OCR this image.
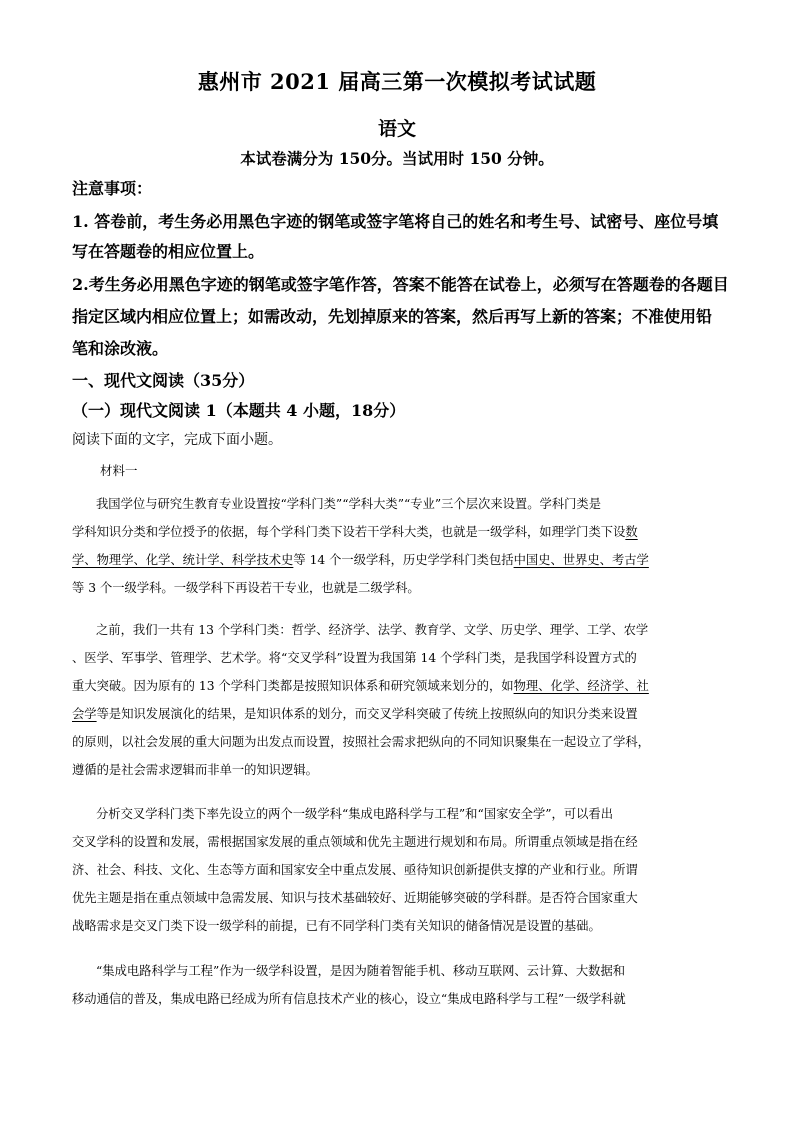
惠州市 2021 届高三第一次模拟考试试题
语文
本试卷满分为 150分。当试用时 150 分钟。
注意事项：
1. 答卷前，考生务必用黑色字迹的钢笔或签字笔将自己的姓名和考生号、试密号、座位号填
写在答题卷的相应位置上。
2.考生务必用黑色字迹的钢笔或签字笔作答，答案不能答在试卷上，必须写在答题卷的各题目
指定区域内相应位置上；如需改动，先划掉原来的答案，然后再写上新的答案；不准使用铅
笔和涂改液。
一、现代文阅读（35分）
（一）现代文阅读 1（本题共 4 小题，18分）
阅读下面的文字，完成下面小题。
材料一
我国学位与研究生教育专业设置按“学科门类”“学科大类”“专业”三个层次来设置。学科门类是
学科知识分类和学位授予的依据，每个学科门类下设若干学科大类，也就是一级学科，如理学门类下设数
学、物理学、化学、统计学、科学技术史等 14 个一级学科，历史学学科门类包括中国史、世界史、考古学
等 3 个一级学科。一级学科下再设若干专业，也就是二级学科。
之前，我们一共有 13 个学科门类：哲学、经济学、法学、教育学、文学、历史学、理学、工学、农学
、医学、军事学、管理学、艺术学。将“交叉学科”设置为我国第 14 个学科门类，是我国学科设置方式的
重大突破。因为原有的 13 个学科门类都是按照知识体系和研究领域来划分的，如物理、化学、经济学、社
会学等是知识发展演化的结果，是知识体系的划分，而交叉学科突破了传统上按照纵向的知识分类来设置
的原则，以社会发展的重大问题为出发点而设置，按照社会需求把纵向的不同知识聚集在一起设立了学科，
遵循的是社会需求逻辑而非单一的知识逻辑。
分析交叉学科门类下率先设立的两个一级学科“集成电路科学与工程”和“国家安全学”，可以看出
交叉学科的设置和发展，需根据国家发展的重点领域和优先主题进行规划和布局。所谓重点领域是指在经
济、社会、科技、文化、生态等方面和国家安全中重点发展、亟待知识创新提供支撑的产业和行业。所谓
优先主题是指在重点领域中急需发展、知识与技术基础较好、近期能够突破的学科群。是否符合国家重大
战略需求是交叉门类下设一级学科的前提，已有不同学科门类有关知识的储备情况是设置的基础。
“集成电路科学与工程”作为一级学科设置，是因为随着智能手机、移动互联网、云计算、大数据和
移动通信的普及，集成电路已经成为所有信息技术产业的核心，设立“集成电路科学与工程”一级学科就
